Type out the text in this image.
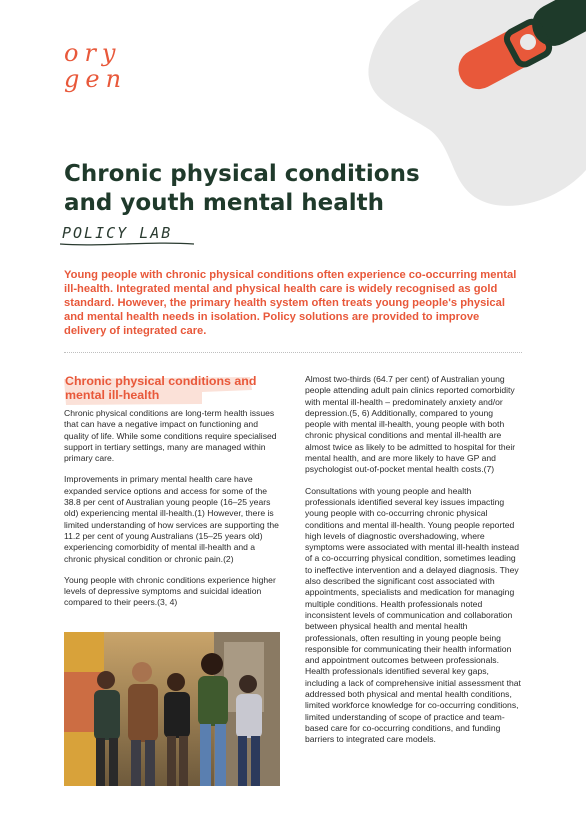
ory
gen
Chronic physical conditions and youth mental health
POLICY LAB

Young people with chronic physical conditions often experience co-occurring mental ill-health. Integrated mental and physical health care is widely recognised as gold standard. However, the primary health system often treats young people's physical and mental health needs in isolation. Policy solutions are provided to improve delivery of integrated care.

Chronic physical conditions and mental ill-health

Chronic physical conditions are long-term health issues that can have a negative impact on functioning and quality of life. While some conditions require specialised support in tertiary settings, many are managed within primary care.

Improvements in primary mental health care have expanded service options and access for some of the 38.8 per cent of Australian young people (16–25 years old) experiencing mental ill-health.(1) However, there is limited understanding of how services are supporting the 11.2 per cent of young Australians (15–25 years old) experiencing comorbidity of mental ill-health and a chronic physical condition or chronic pain.(2)

Young people with chronic conditions experience higher levels of depressive symptoms and suicidal ideation compared to their peers.(3, 4)

Almost two-thirds (64.7 per cent) of Australian young people attending adult pain clinics reported comorbidity with mental ill-health – predominately anxiety and/or depression.(5, 6) Additionally, compared to young people with mental ill-health, young people with both chronic physical conditions and mental ill-health are almost twice as likely to be admitted to hospital for their mental health, and are more likely to have GP and psychologist out-of-pocket mental health costs.(7)

Consultations with young people and health professionals identified several key issues impacting young people with co-occurring chronic physical conditions and mental ill-health. Young people reported high levels of diagnostic overshadowing, where symptoms were associated with mental ill-health instead of a co-occurring physical condition, sometimes leading to ineffective intervention and a delayed diagnosis. They also described the significant cost associated with appointments, specialists and medication for managing multiple conditions. Health professionals noted inconsistent levels of communication and collaboration between physical health and mental health professionals, often resulting in young people being responsible for communicating their health information and appointment outcomes between professionals. Health professionals identified several key gaps, including a lack of comprehensive initial assessment that addressed both physical and mental health conditions, limited workforce knowledge for co-occurring conditions, limited understanding of scope of practice and team-based care for co-occurring conditions, and funding barriers to integrated care models.
